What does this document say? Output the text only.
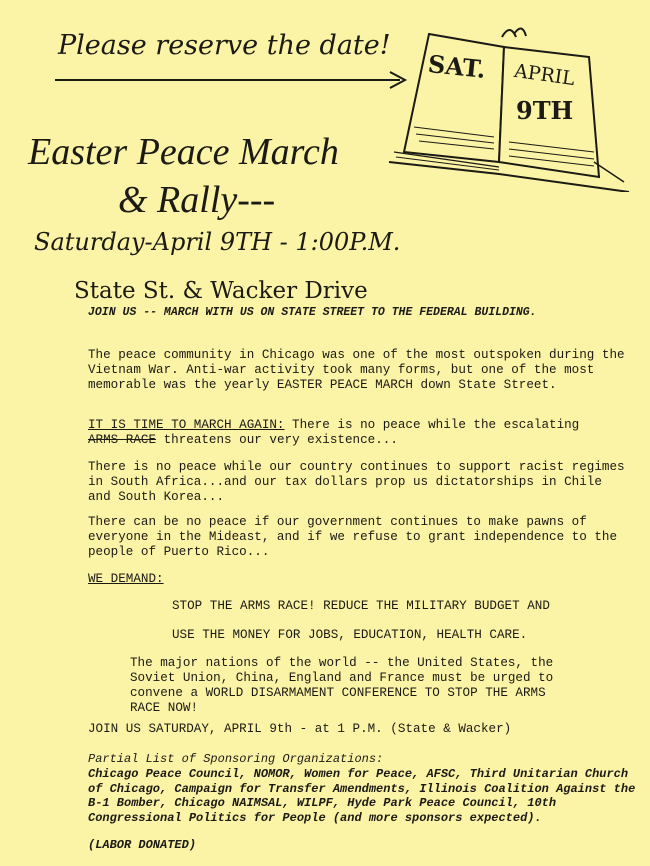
Please reserve the date!
SAT. APRIL
9TH
Easter Peace March
& Rally---
Saturday-April 9TH - 1:00P.M.
State St. & Wacker Drive
JOIN US -- MARCH WITH US ON STATE STREET TO THE FEDERAL BUILDING.

The peace community in Chicago was one of the most outspoken during the Vietnam War. Anti-war activity took many forms, but one of the most memorable was the yearly EASTER PEACE MARCH down State Street.

IT IS TIME TO MARCH AGAIN: There is no peace while the escalating
ARMS RACE threatens our very existence...

There is no peace while our country continues to support racist regimes in South Africa...and our tax dollars prop us dictatorships in Chile and South Korea...

There can be no peace if our government continues to make pawns of everyone in the Mideast, and if we refuse to grant independence to the people of Puerto Rico...

WE DEMAND:

STOP THE ARMS RACE! REDUCE THE MILITARY BUDGET AND

USE THE MONEY FOR JOBS, EDUCATION, HEALTH CARE.

The major nations of the world -- the United States, the Soviet Union, China, England and France must be urged to convene a WORLD DISARMAMENT CONFERENCE TO STOP THE ARMS RACE NOW!

JOIN US SATURDAY, APRIL 9th - at 1 P.M. (State & Wacker)

Partial List of Sponsoring Organizations:

Chicago Peace Council, NOMOR, Women for Peace, AFSC, Third Unitarian Church of Chicago, Campaign for Transfer Amendments, Illinois Coalition Against the B-1 Bomber, Chicago NAIMSAL, WILPF, Hyde Park Peace Council, 10th Congressional Politics for People (and more sponsors expected).

(LABOR DONATED)
